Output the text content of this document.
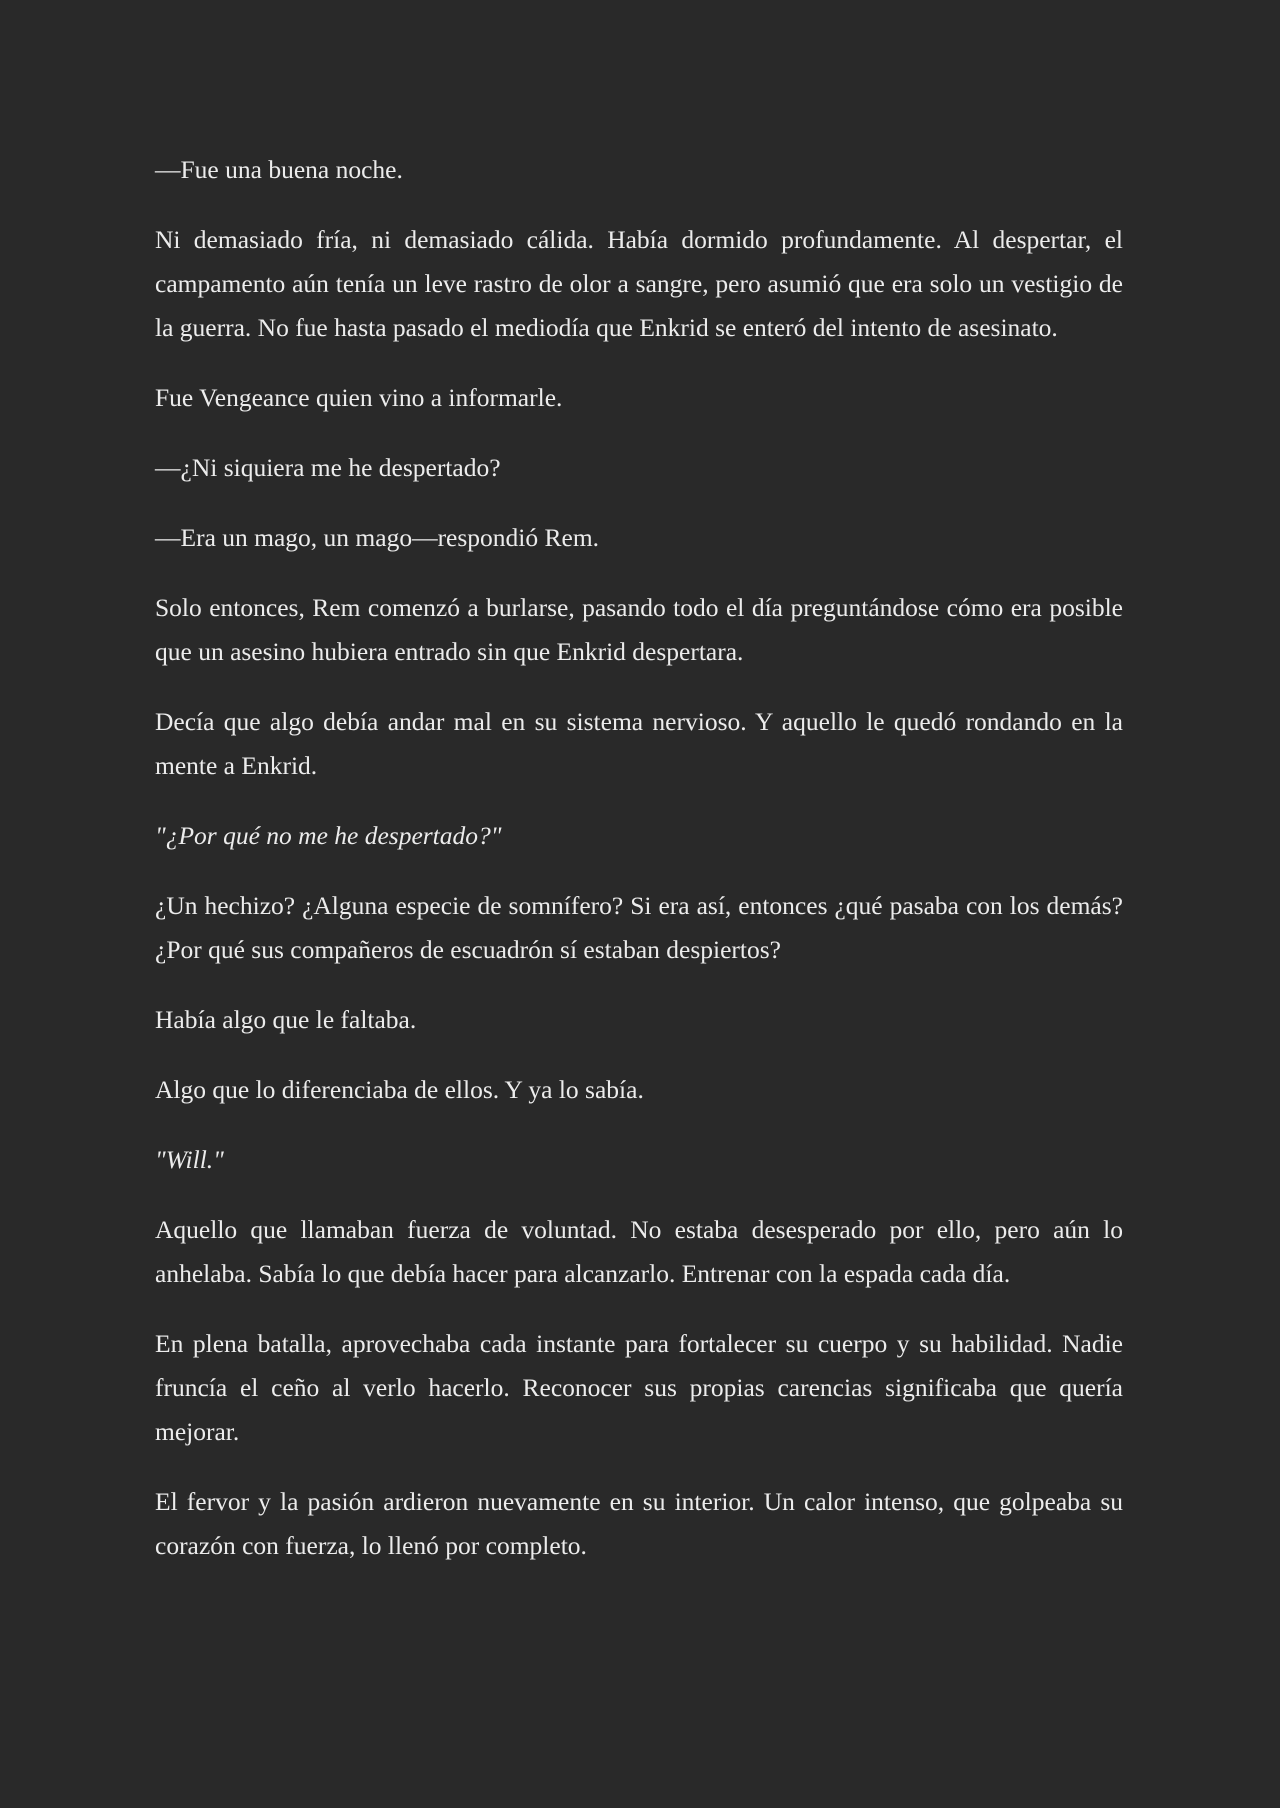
—Fue una buena noche.

Ni demasiado fría, ni demasiado cálida. Había dormido profundamente. Al despertar, el campamento aún tenía un leve rastro de olor a sangre, pero asumió que era solo un vestigio de la guerra. No fue hasta pasado el mediodía que Enkrid se enteró del intento de asesinato.

Fue Vengeance quien vino a informarle.

—¿Ni siquiera me he despertado?

—Era un mago, un mago—respondió Rem.

Solo entonces, Rem comenzó a burlarse, pasando todo el día preguntándose cómo era posible que un asesino hubiera entrado sin que Enkrid despertara.

Decía que algo debía andar mal en su sistema nervioso. Y aquello le quedó rondando en la mente a Enkrid.

"¿Por qué no me he despertado?"

¿Un hechizo? ¿Alguna especie de somnífero? Si era así, entonces ¿qué pasaba con los demás? ¿Por qué sus compañeros de escuadrón sí estaban despiertos?

Había algo que le faltaba.

Algo que lo diferenciaba de ellos. Y ya lo sabía.

"Will."

Aquello que llamaban fuerza de voluntad. No estaba desesperado por ello, pero aún lo anhelaba. Sabía lo que debía hacer para alcanzarlo. Entrenar con la espada cada día.

En plena batalla, aprovechaba cada instante para fortalecer su cuerpo y su habilidad. Nadie fruncía el ceño al verlo hacerlo. Reconocer sus propias carencias significaba que quería mejorar.

El fervor y la pasión ardieron nuevamente en su interior. Un calor intenso, que golpeaba su corazón con fuerza, lo llenó por completo.
